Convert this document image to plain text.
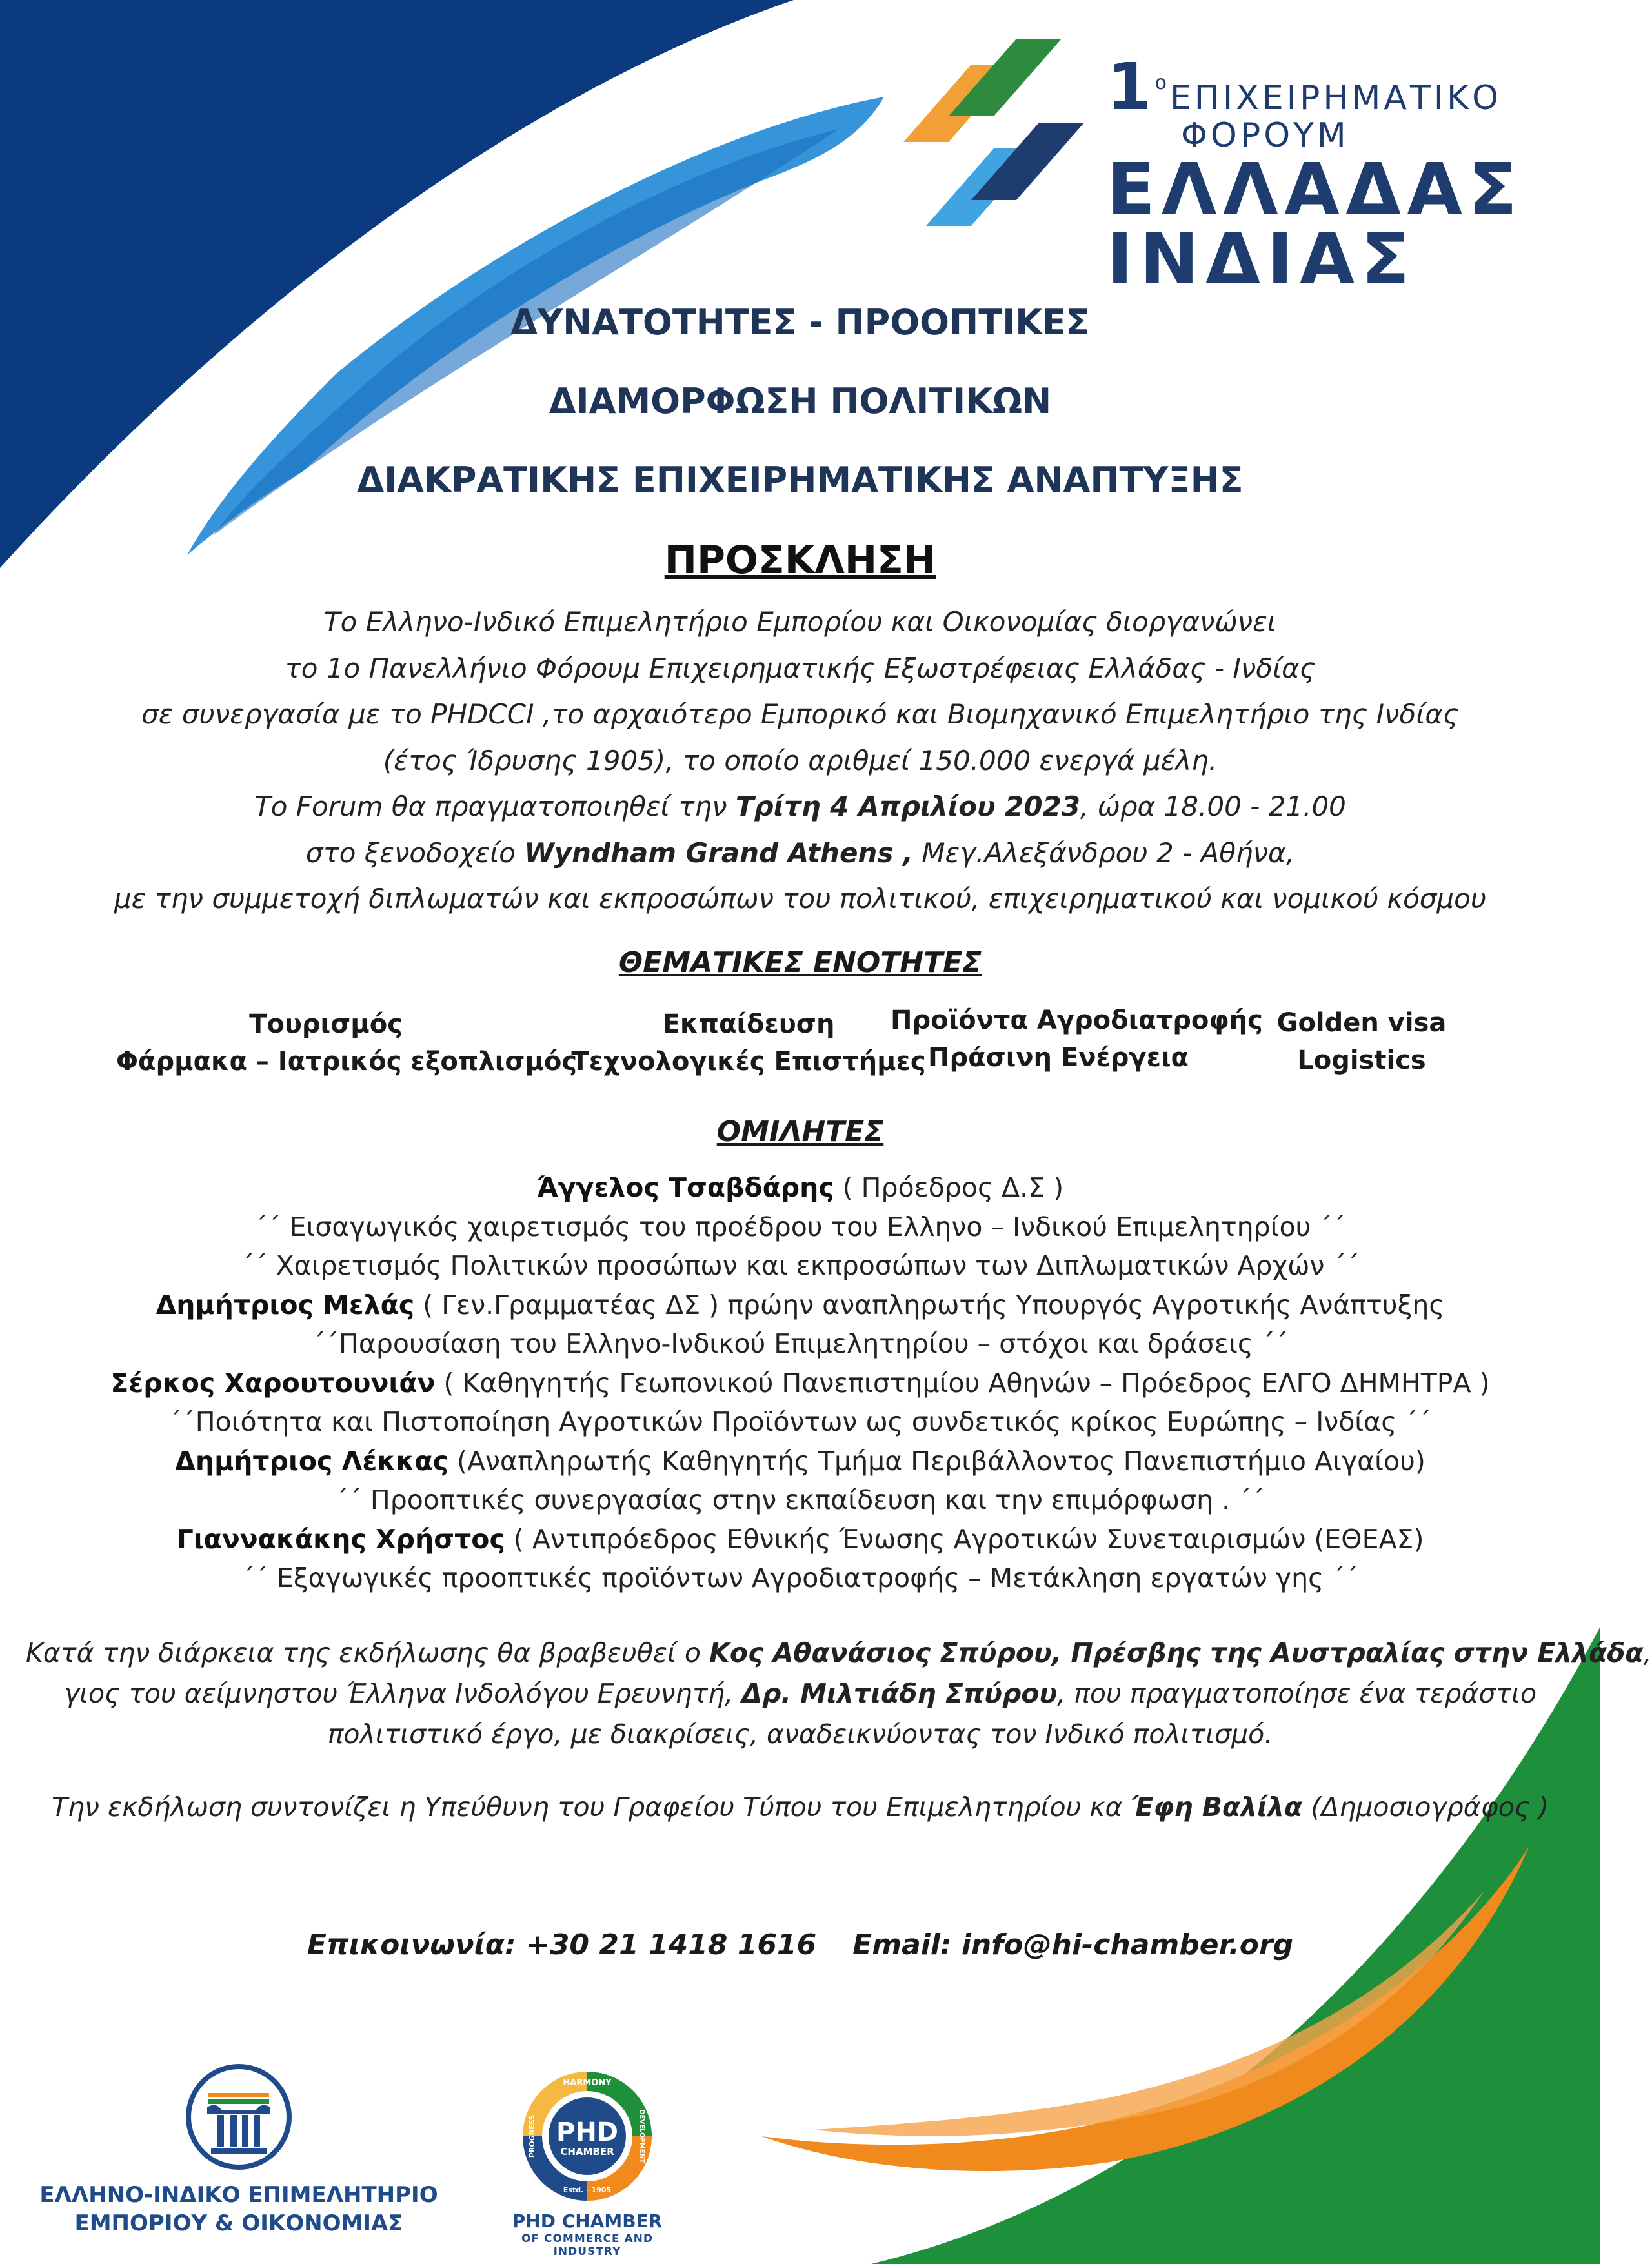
$1^oE\Pi IXEIPHMATIKO$
ΦΟΡΟΥΜ
ΕΛΛΑΔΑΣ
ΙΝΔΙΑΣ
ΔΥΝΑΤΟΤΗΤΕΣ - ΠΡΟΟΠΤΙΚΕΣ
ΔΙΑΜΟΡΦΩΣΗ ΠΟΛΙΤΙΚΩΝ
ΔΙΑΚΡΑΤΙΚΗΣ ΕΠΙΧΕΙΡΗΜΑΤΙΚΗΣ ΑΝΑΠΤΥΞΗΣ
ΠΡΟΣΚΛΗΣΗ
Το Ελληνο-Ινδικό Επιμελητήριο Εμπορίου και Οικονομίας διοργανώνει
το 1ο Πανελλήνιο Φόρουμ Επιχειρηματικής Εξωστρέφειας Ελλάδας - Ινδίας
σε συνεργασία με το PHDCCI ,το αρχαιότερο Εμπορικό και Βιομηχανικό Επιμελητήριο της Ινδίας
(έτος Ίδρυσης 1905), το οποίο αριθμεί 150.000 ενεργά μέλη.
Το Forum θα πραγματοποιηθεί την Τρίτη 4 Απριλίου 2023, ώρα 18.00 - 21.00
στο ξενοδοχείο Wyndham Grand Athens , Μεγ.Αλεξάνδρου 2 - Αθήνα,
με την συμμετοχή διπλωματών και εκπροσώπων του πολιτικού, επιχειρηματικού και νομικού κόσμου
ΘΕΜΑΤΙΚΕΣ ΕΝΟΤΗΤΕΣ
Τουρισμός
Φάρμακα – Ιατρικός εξοπλισμός
Εκπαίδευση
Τεχνολογικές Επιστήμες
Προϊόντα Αγροδιατροφής
Πράσινη Ενέργεια
Golden visa
Logistics
ΟΜΙΛΗΤΕΣ
Άγγελος Τσαβδάρης ( Πρόεδρος Δ.Σ )
΄΄ Εισαγωγικός χαιρετισμός του προέδρου του Ελληνο – Ινδικού Επιμελητηρίου ΄΄
΄΄ Χαιρετισμός Πολιτικών προσώπων και εκπροσώπων των Διπλωματικών Αρχών ΄΄
Δημήτριος Μελάς ( Γεν.Γραμματέας ΔΣ ) πρώην αναπληρωτής Υπουργός Αγροτικής Ανάπτυξης
΄΄Παρουσίαση του Ελληνο-Ινδικού Επιμελητηρίου – στόχοι και δράσεις ΄΄
Σέρκος Χαρουτουνιάν ( Καθηγητής Γεωπονικού Πανεπιστημίου Αθηνών – Πρόεδρος ΕΛΓΟ ΔΗΜΗΤΡΑ )
΄΄Ποιότητα και Πιστοποίηση Αγροτικών Προϊόντων ως συνδετικός κρίκος Ευρώπης – Ινδίας ΄΄
Δημήτριος Λέκκας (Αναπληρωτής Καθηγητής Τμήμα Περιβάλλοντος Πανεπιστήμιο Αιγαίου)
΄΄ Προοπτικές συνεργασίας στην εκπαίδευση και την επιμόρφωση . ΄΄
Γιαννακάκης Χρήστος ( Αντιπρόεδρος Εθνικής Ένωσης Αγροτικών Συνεταιρισμών (ΕΘΕΑΣ)
΄΄ Εξαγωγικές προοπτικές προϊόντων Αγροδιατροφής – Μετάκληση εργατών γης ΄΄
Κατά την διάρκεια της εκδήλωσης θα βραβευθεί ο Κος Αθανάσιος Σπύρου, Πρέσβης της Αυστραλίας στην Ελλάδα,
γιος του αείμνηστου Έλληνα Ινδολόγου Ερευνητή, Δρ. Μιλτιάδη Σπύρου, που πραγματοποίησε ένα τεράστιο
πολιτιστικό έργο, με διακρίσεις, αναδεικνύοντας τον Ινδικό πολιτισμό.
Την εκδήλωση συντονίζει η Υπεύθυνη του Γραφείου Τύπου του Επιμελητηρίου κα Έφη Βαλίλα (Δημοσιογράφος )
Επικοινωνία: +30 21 1418 1616 Email: info@hi-chamber.org
ΕΛΛΗΝΟ-ΙΝΔΙΚΟ ΕΠΙΜΕΛΗΤΗΡΙΟ
ΕΜΠΟΡΙΟΥ & ΟΙΚΟΝΟΜΙΑΣ
HARMONY
DEVELOPMENT
PROGRESS
Estd. - 1905
PHD
CHAMBER
PHD CHAMBER
OF COMMERCE AND INDUSTRY
